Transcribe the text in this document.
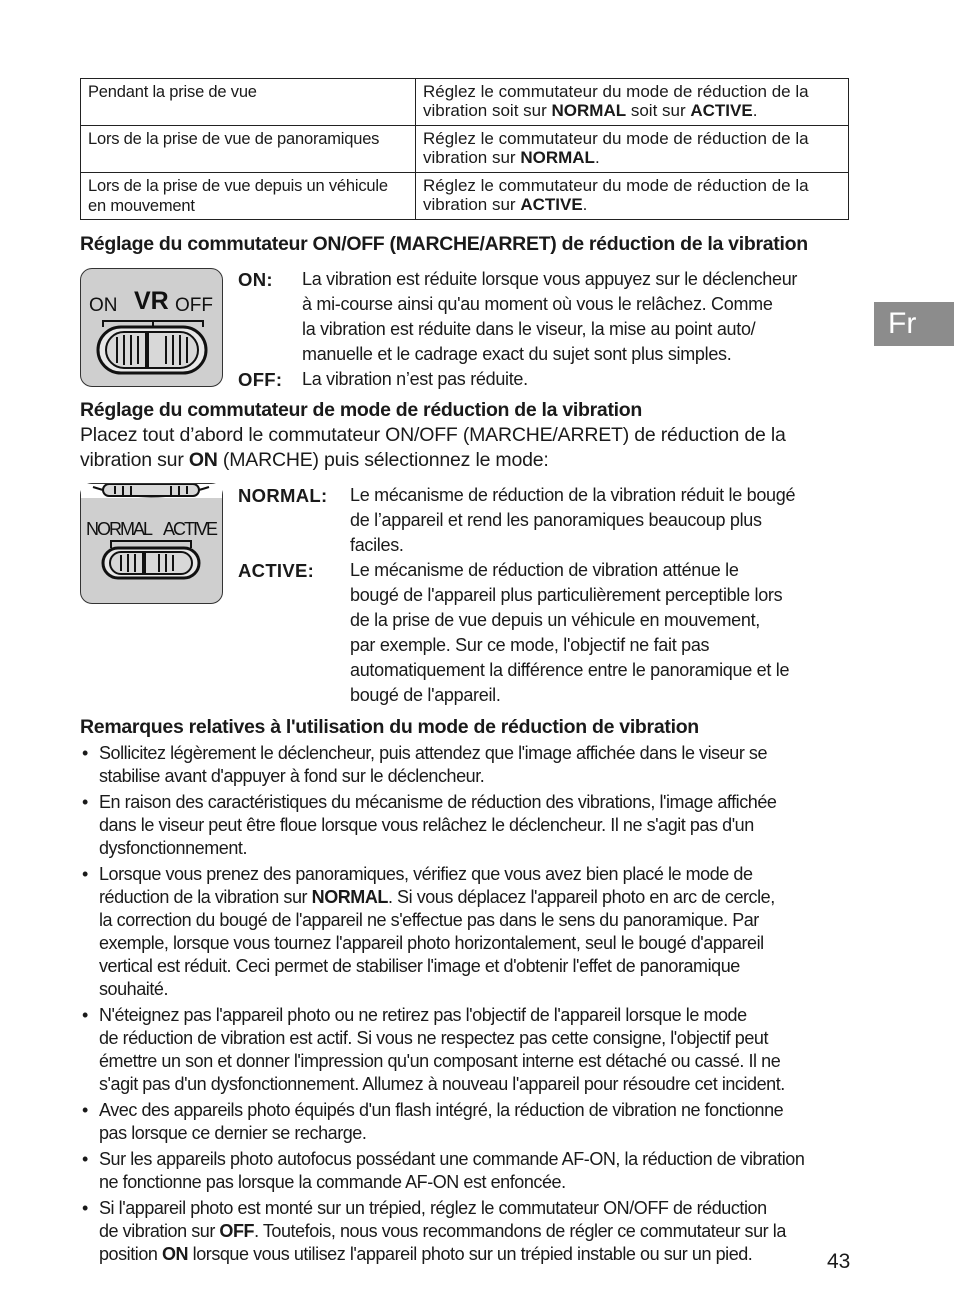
Pendant la prise de vue	Réglez le commutateur du mode de réduction de la vibration soit sur NORMAL soit sur ACTIVE.
Lors de la prise de vue de panoramiques	Réglez le commutateur du mode de réduction de la vibration sur NORMAL.
Lors de la prise de vue depuis un véhicule en mouvement	Réglez le commutateur du mode de réduction de la vibration sur ACTIVE.
Réglage du commutateur ON/OFF (MARCHE/ARRET) de réduction de la vibration
ON VR OFF
ON: La vibration est réduite lorsque vous appuyez sur le déclencheur
à mi-course ainsi qu'au moment où vous le relâchez. Comme
la vibration est réduite dans le viseur, la mise au point auto/
manuelle et le cadrage exact du sujet sont plus simples.
OFF: La vibration n’est pas réduite.
Réglage du commutateur de mode de réduction de la vibration
Placez tout d’abord le commutateur ON/OFF (MARCHE/ARRET) de réduction de la vibration sur ON (MARCHE) puis sélectionnez le mode:
NORMAL ACTIVE
NORMAL: Le mécanisme de réduction de la vibration réduit le bougé
de l’appareil et rend les panoramiques beaucoup plus
faciles.
ACTIVE: Le mécanisme de réduction de vibration atténue le
bougé de l'appareil plus particulièrement perceptible lors
de la prise de vue depuis un véhicule en mouvement,
par exemple. Sur ce mode, l'objectif ne fait pas
automatiquement la différence entre le panoramique et le
bougé de l'appareil.
Remarques relatives à l'utilisation du mode de réduction de vibration
• Sollicitez légèrement le déclencheur, puis attendez que l'image affichée dans le viseur se
stabilise avant d'appuyer à fond sur le déclencheur.
• En raison des caractéristiques du mécanisme de réduction des vibrations, l'image affichée
dans le viseur peut être floue lorsque vous relâchez le déclencheur. Il ne s'agit pas d'un
dysfonctionnement.
• Lorsque vous prenez des panoramiques, vérifiez que vous avez bien placé le mode de
réduction de la vibration sur NORMAL. Si vous déplacez l'appareil photo en arc de cercle,
la correction du bougé de l'appareil ne s'effectue pas dans le sens du panoramique. Par
exemple, lorsque vous tournez l'appareil photo horizontalement, seul le bougé d'appareil
vertical est réduit. Ceci permet de stabiliser l'image et d'obtenir l'effet de panoramique
souhaité.
• N'éteignez pas l'appareil photo ou ne retirez pas l'objectif de l'appareil lorsque le mode
de réduction de vibration est actif. Si vous ne respectez pas cette consigne, l'objectif peut
émettre un son et donner l'impression qu'un composant interne est détaché ou cassé. Il ne
s'agit pas d'un dysfonctionnement. Allumez à nouveau l'appareil pour résoudre cet incident.
• Avec des appareils photo équipés d'un flash intégré, la réduction de vibration ne fonctionne
pas lorsque ce dernier se recharge.
• Sur les appareils photo autofocus possédant une commande AF-ON, la réduction de vibration
ne fonctionne pas lorsque la commande AF-ON est enfoncée.
• Si l'appareil photo est monté sur un trépied, réglez le commutateur ON/OFF de réduction
de vibration sur OFF. Toutefois, nous vous recommandons de régler ce commutateur sur la
position ON lorsque vous utilisez l'appareil photo sur un trépied instable ou sur un pied.
Fr
43
